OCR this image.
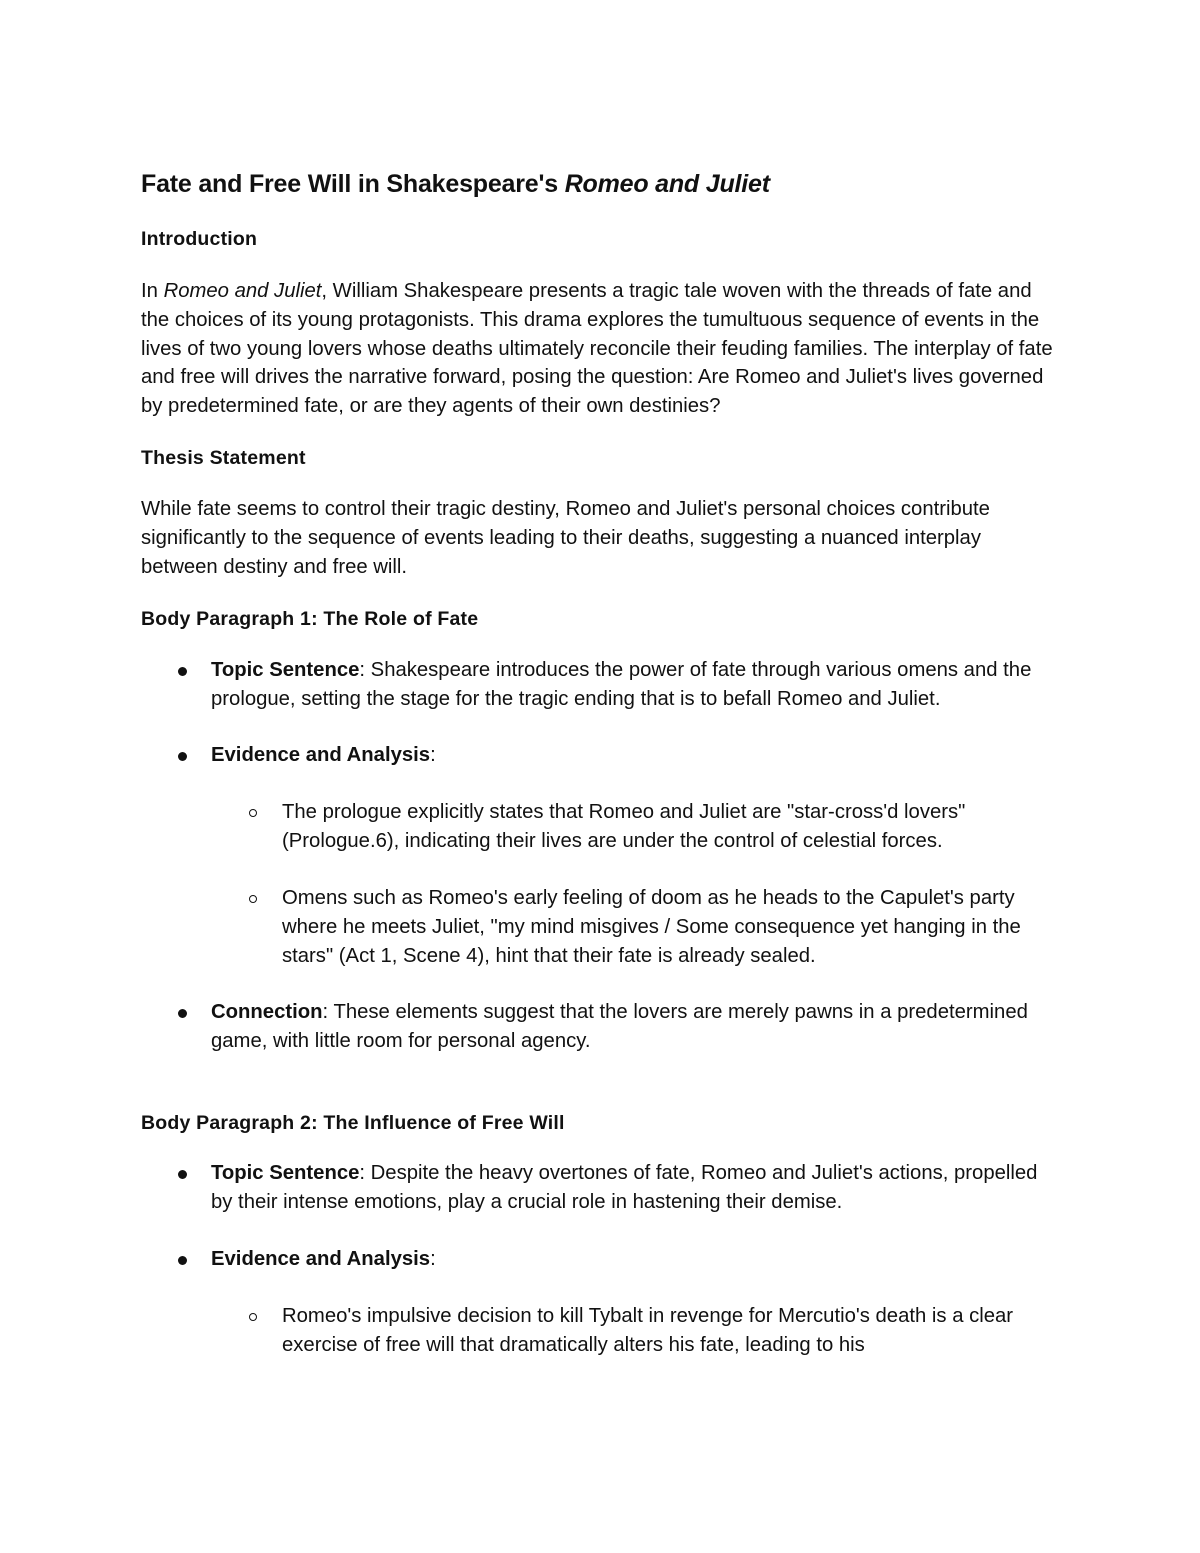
Fate and Free Will in Shakespeare's Romeo and Juliet
Introduction

In Romeo and Juliet, William Shakespeare presents a tragic tale woven with the threads of fate and the choices of its young protagonists. This drama explores the tumultuous sequence of events in the lives of two young lovers whose deaths ultimately reconcile their feuding families. The interplay of fate and free will drives the narrative forward, posing the question: Are Romeo and Juliet's lives governed by predetermined fate, or are they agents of their own destinies?

Thesis Statement

While fate seems to control their tragic destiny, Romeo and Juliet's personal choices contribute significantly to the sequence of events leading to their deaths, suggesting a nuanced interplay between destiny and free will.

Body Paragraph 1: The Role of Fate

Topic Sentence: Shakespeare introduces the power of fate through various omens and the prologue, setting the stage for the tragic ending that is to befall Romeo and Juliet.

Evidence and Analysis:

The prologue explicitly states that Romeo and Juliet are "star-cross'd lovers" (Prologue.6), indicating their lives are under the control of celestial forces.

Omens such as Romeo's early feeling of doom as he heads to the Capulet's party where he meets Juliet, "my mind misgives / Some consequence yet hanging in the stars" (Act 1, Scene 4), hint that their fate is already sealed.

Connection: These elements suggest that the lovers are merely pawns in a predetermined game, with little room for personal agency.

Body Paragraph 2: The Influence of Free Will

Topic Sentence: Despite the heavy overtones of fate, Romeo and Juliet's actions, propelled by their intense emotions, play a crucial role in hastening their demise.

Evidence and Analysis:

Romeo's impulsive decision to kill Tybalt in revenge for Mercutio's death is a clear exercise of free will that dramatically alters his fate, leading to his
